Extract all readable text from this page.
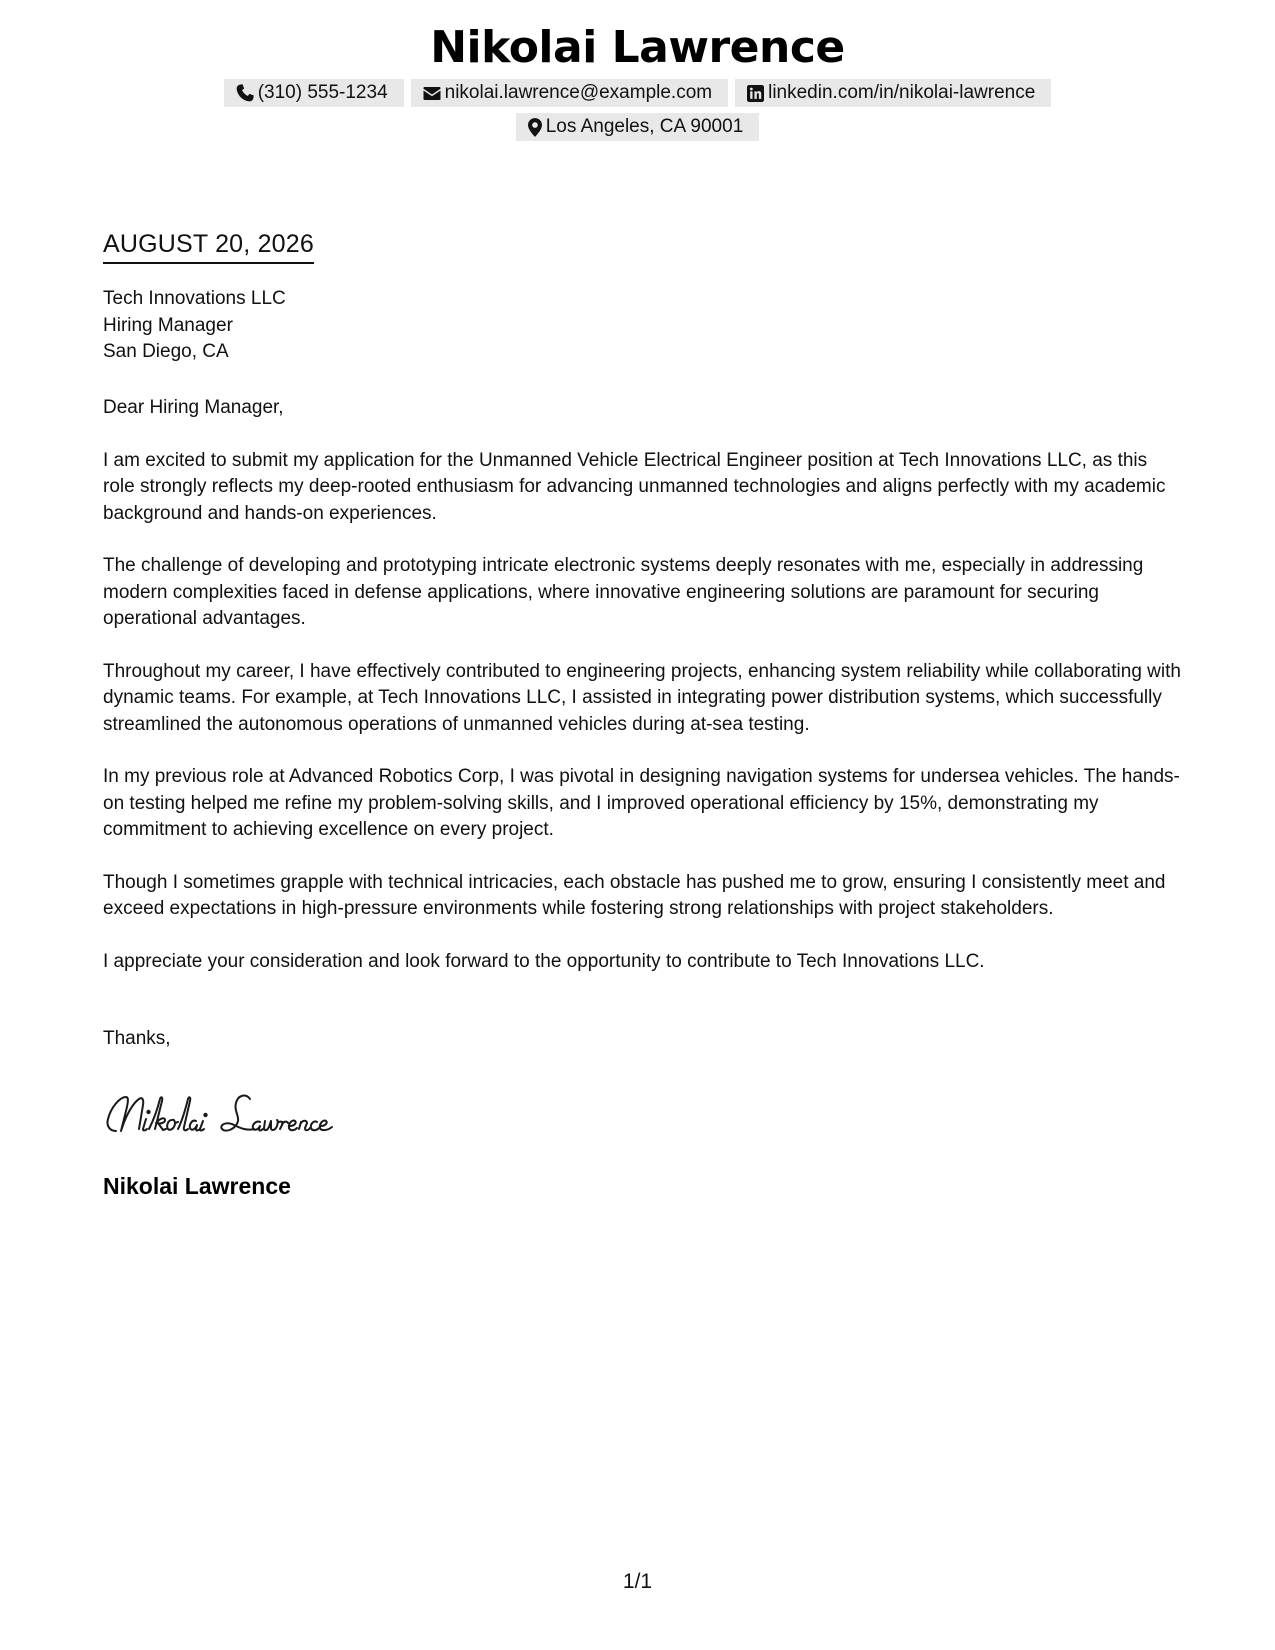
Nikolai Lawrence
(310) 555-1234	nikolai.lawrence@example.com	linkedin.com/in/nikolai-lawrence
Los Angeles, CA 90001
AUGUST 20, 2026
Tech Innovations LLC
Hiring Manager
San Diego, CA

Dear Hiring Manager,

I am excited to submit my application for the Unmanned Vehicle Electrical Engineer position at Tech Innovations LLC, as this role strongly reflects my deep-rooted enthusiasm for advancing unmanned technologies and aligns perfectly with my academic background and hands-on experiences.

The challenge of developing and prototyping intricate electronic systems deeply resonates with me, especially in addressing modern complexities faced in defense applications, where innovative engineering solutions are paramount for securing operational advantages.

Throughout my career, I have effectively contributed to engineering projects, enhancing system reliability while collaborating with dynamic teams. For example, at Tech Innovations LLC, I assisted in integrating power distribution systems, which successfully streamlined the autonomous operations of unmanned vehicles during at-sea testing.

In my previous role at Advanced Robotics Corp, I was pivotal in designing navigation systems for undersea vehicles. The hands-on testing helped me refine my problem-solving skills, and I improved operational efficiency by 15%, demonstrating my commitment to achieving excellence on every project.

Though I sometimes grapple with technical intricacies, each obstacle has pushed me to grow, ensuring I consistently meet and exceed expectations in high-pressure environments while fostering strong relationships with project stakeholders.

I appreciate your consideration and look forward to the opportunity to contribute to Tech Innovations LLC.

Thanks,
Nikolai Lawrence
1/1
